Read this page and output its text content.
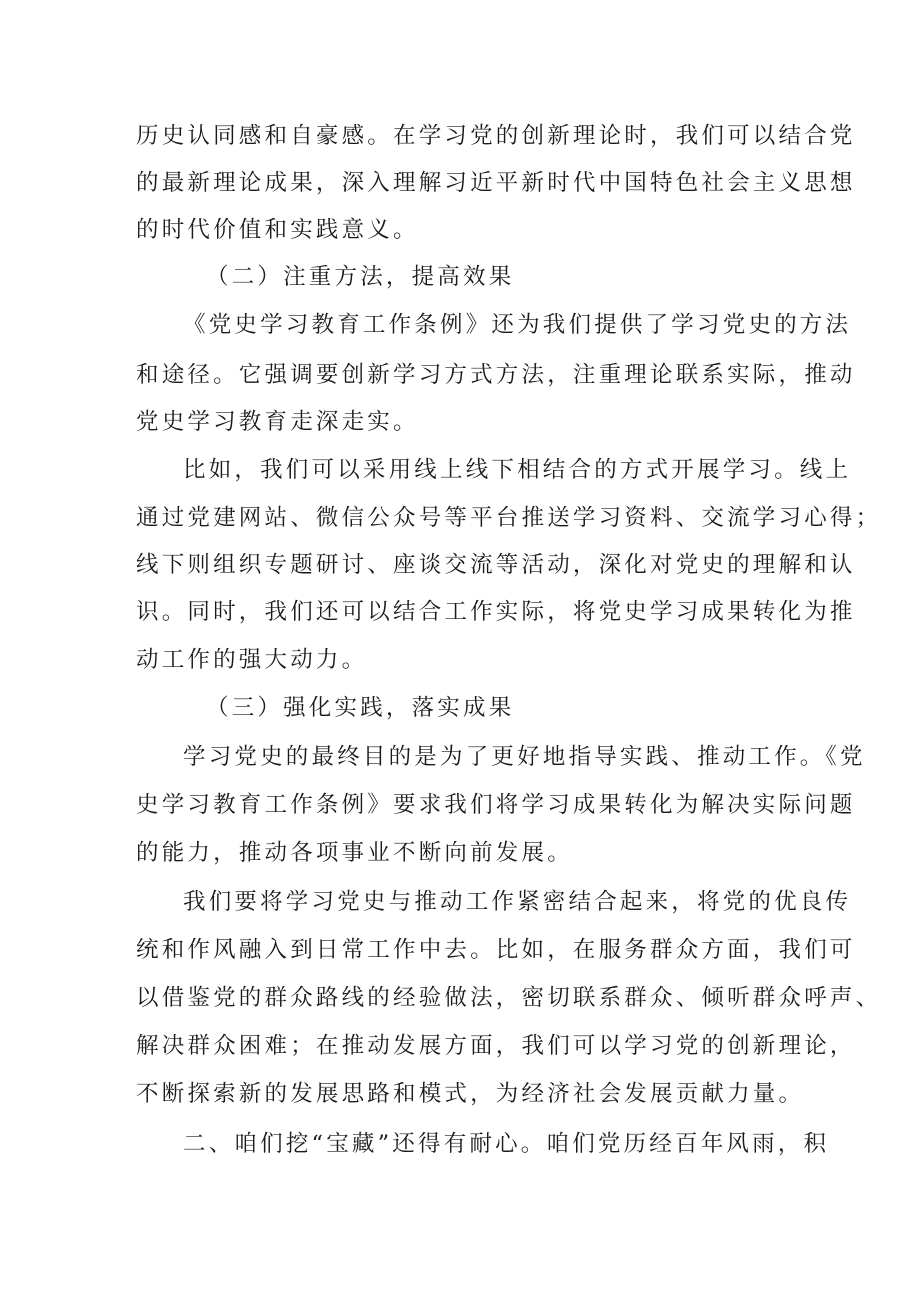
历史认同感和自豪感。在学习党的创新理论时，我们可以结合党
的最新理论成果，深入理解习近平新时代中国特色社会主义思想
的时代价值和实践意义。
（二）注重方法，提高效果
《党史学习教育工作条例》还为我们提供了学习党史的方法
和途径。它强调要创新学习方式方法，注重理论联系实际，推动
党史学习教育走深走实。
比如，我们可以采用线上线下相结合的方式开展学习。线上
通过党建网站、微信公众号等平台推送学习资料、交流学习心得；
线下则组织专题研讨、座谈交流等活动，深化对党史的理解和认
识。同时，我们还可以结合工作实际，将党史学习成果转化为推
动工作的强大动力。
（三）强化实践，落实成果
学习党史的最终目的是为了更好地指导实践、推动工作。《党
史学习教育工作条例》要求我们将学习成果转化为解决实际问题
的能力，推动各项事业不断向前发展。
我们要将学习党史与推动工作紧密结合起来，将党的优良传
统和作风融入到日常工作中去。比如，在服务群众方面，我们可
以借鉴党的群众路线的经验做法，密切联系群众、倾听群众呼声、
解决群众困难；在推动发展方面，我们可以学习党的创新理论，
不断探索新的发展思路和模式，为经济社会发展贡献力量。
二、咱们挖“宝藏”还得有耐心。咱们党历经百年风雨，积
